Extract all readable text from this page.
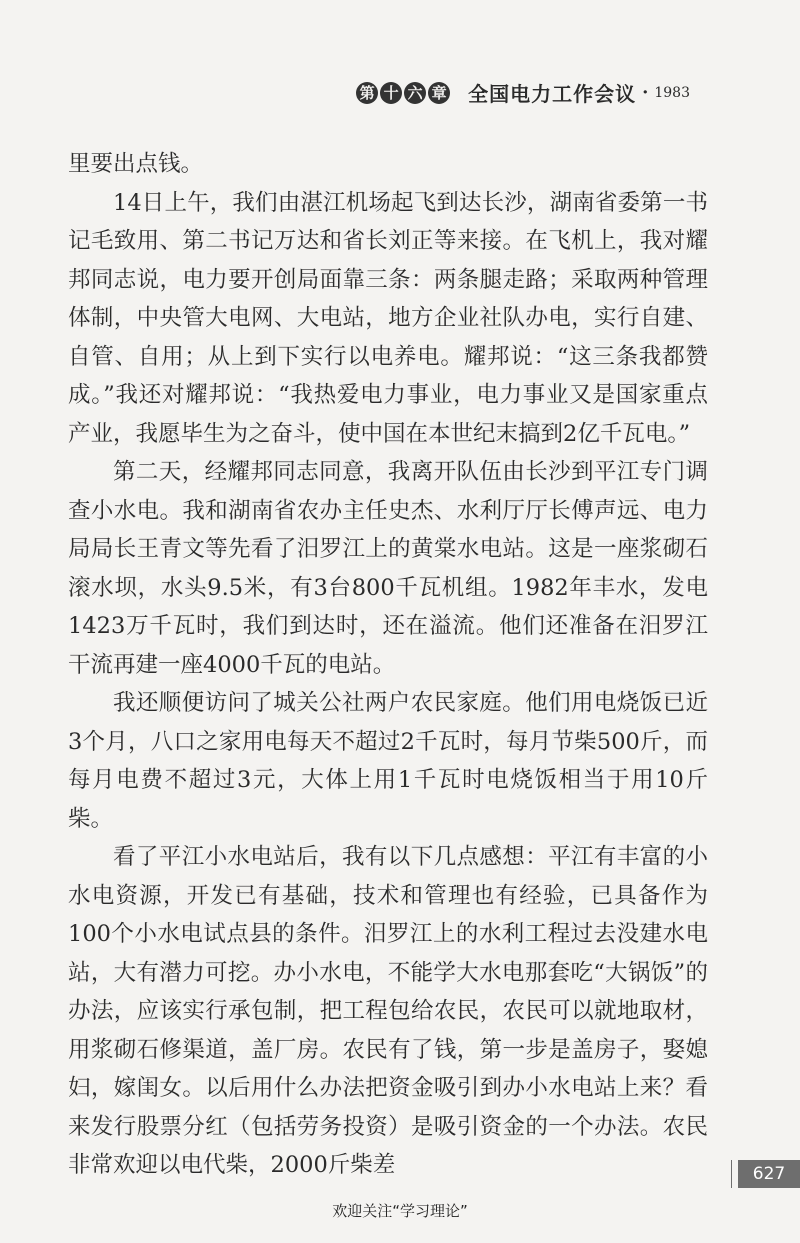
第 十 六 章 全国电力工作会议 · 1983

里要出点钱。

14日上午，我们由湛江机场起飞到达长沙，湖南省委第一书记毛致用、第二书记万达和省长刘正等来接。在飞机上，我对耀邦同志说，电力要开创局面靠三条：两条腿走路；采取两种管理体制，中央管大电网、大电站，地方企业社队办电，实行自建、自管、自用；从上到下实行以电养电。耀邦说：“这三条我都赞成。”我还对耀邦说：“我热爱电力事业，电力事业又是国家重点产业，我愿毕生为之奋斗，使中国在本世纪末搞到2亿千瓦电。”

第二天，经耀邦同志同意，我离开队伍由长沙到平江专门调查小水电。我和湖南省农办主任史杰、水利厅厅长傅声远、电力局局长王青文等先看了汨罗江上的黄棠水电站。这是一座浆砌石滚水坝，水头9.5米，有3台800千瓦机组。1982年丰水，发电1423万千瓦时，我们到达时，还在溢流。他们还准备在汨罗江干流再建一座4000千瓦的电站。

我还顺便访问了城关公社两户农民家庭。他们用电烧饭已近3个月，八口之家用电每天不超过2千瓦时，每月节柴500斤，而每月电费不超过3元，大体上用1千瓦时电烧饭相当于用10斤柴。

看了平江小水电站后，我有以下几点感想：平江有丰富的小水电资源，开发已有基础，技术和管理也有经验，已具备作为100个小水电试点县的条件。汨罗江上的水利工程过去没建水电站，大有潜力可挖。办小水电，不能学大水电那套吃“大锅饭”的办法，应该实行承包制，把工程包给农民，农民可以就地取材，用浆砌石修渠道，盖厂房。农民有了钱，第一步是盖房子，娶媳妇，嫁闺女。以后用什么办法把资金吸引到办小水电站上来？看来发行股票分红（包括劳务投资）是吸引资金的一个办法。农民非常欢迎以电代柴，2000斤柴差	627
欢迎关注“学习理论”
